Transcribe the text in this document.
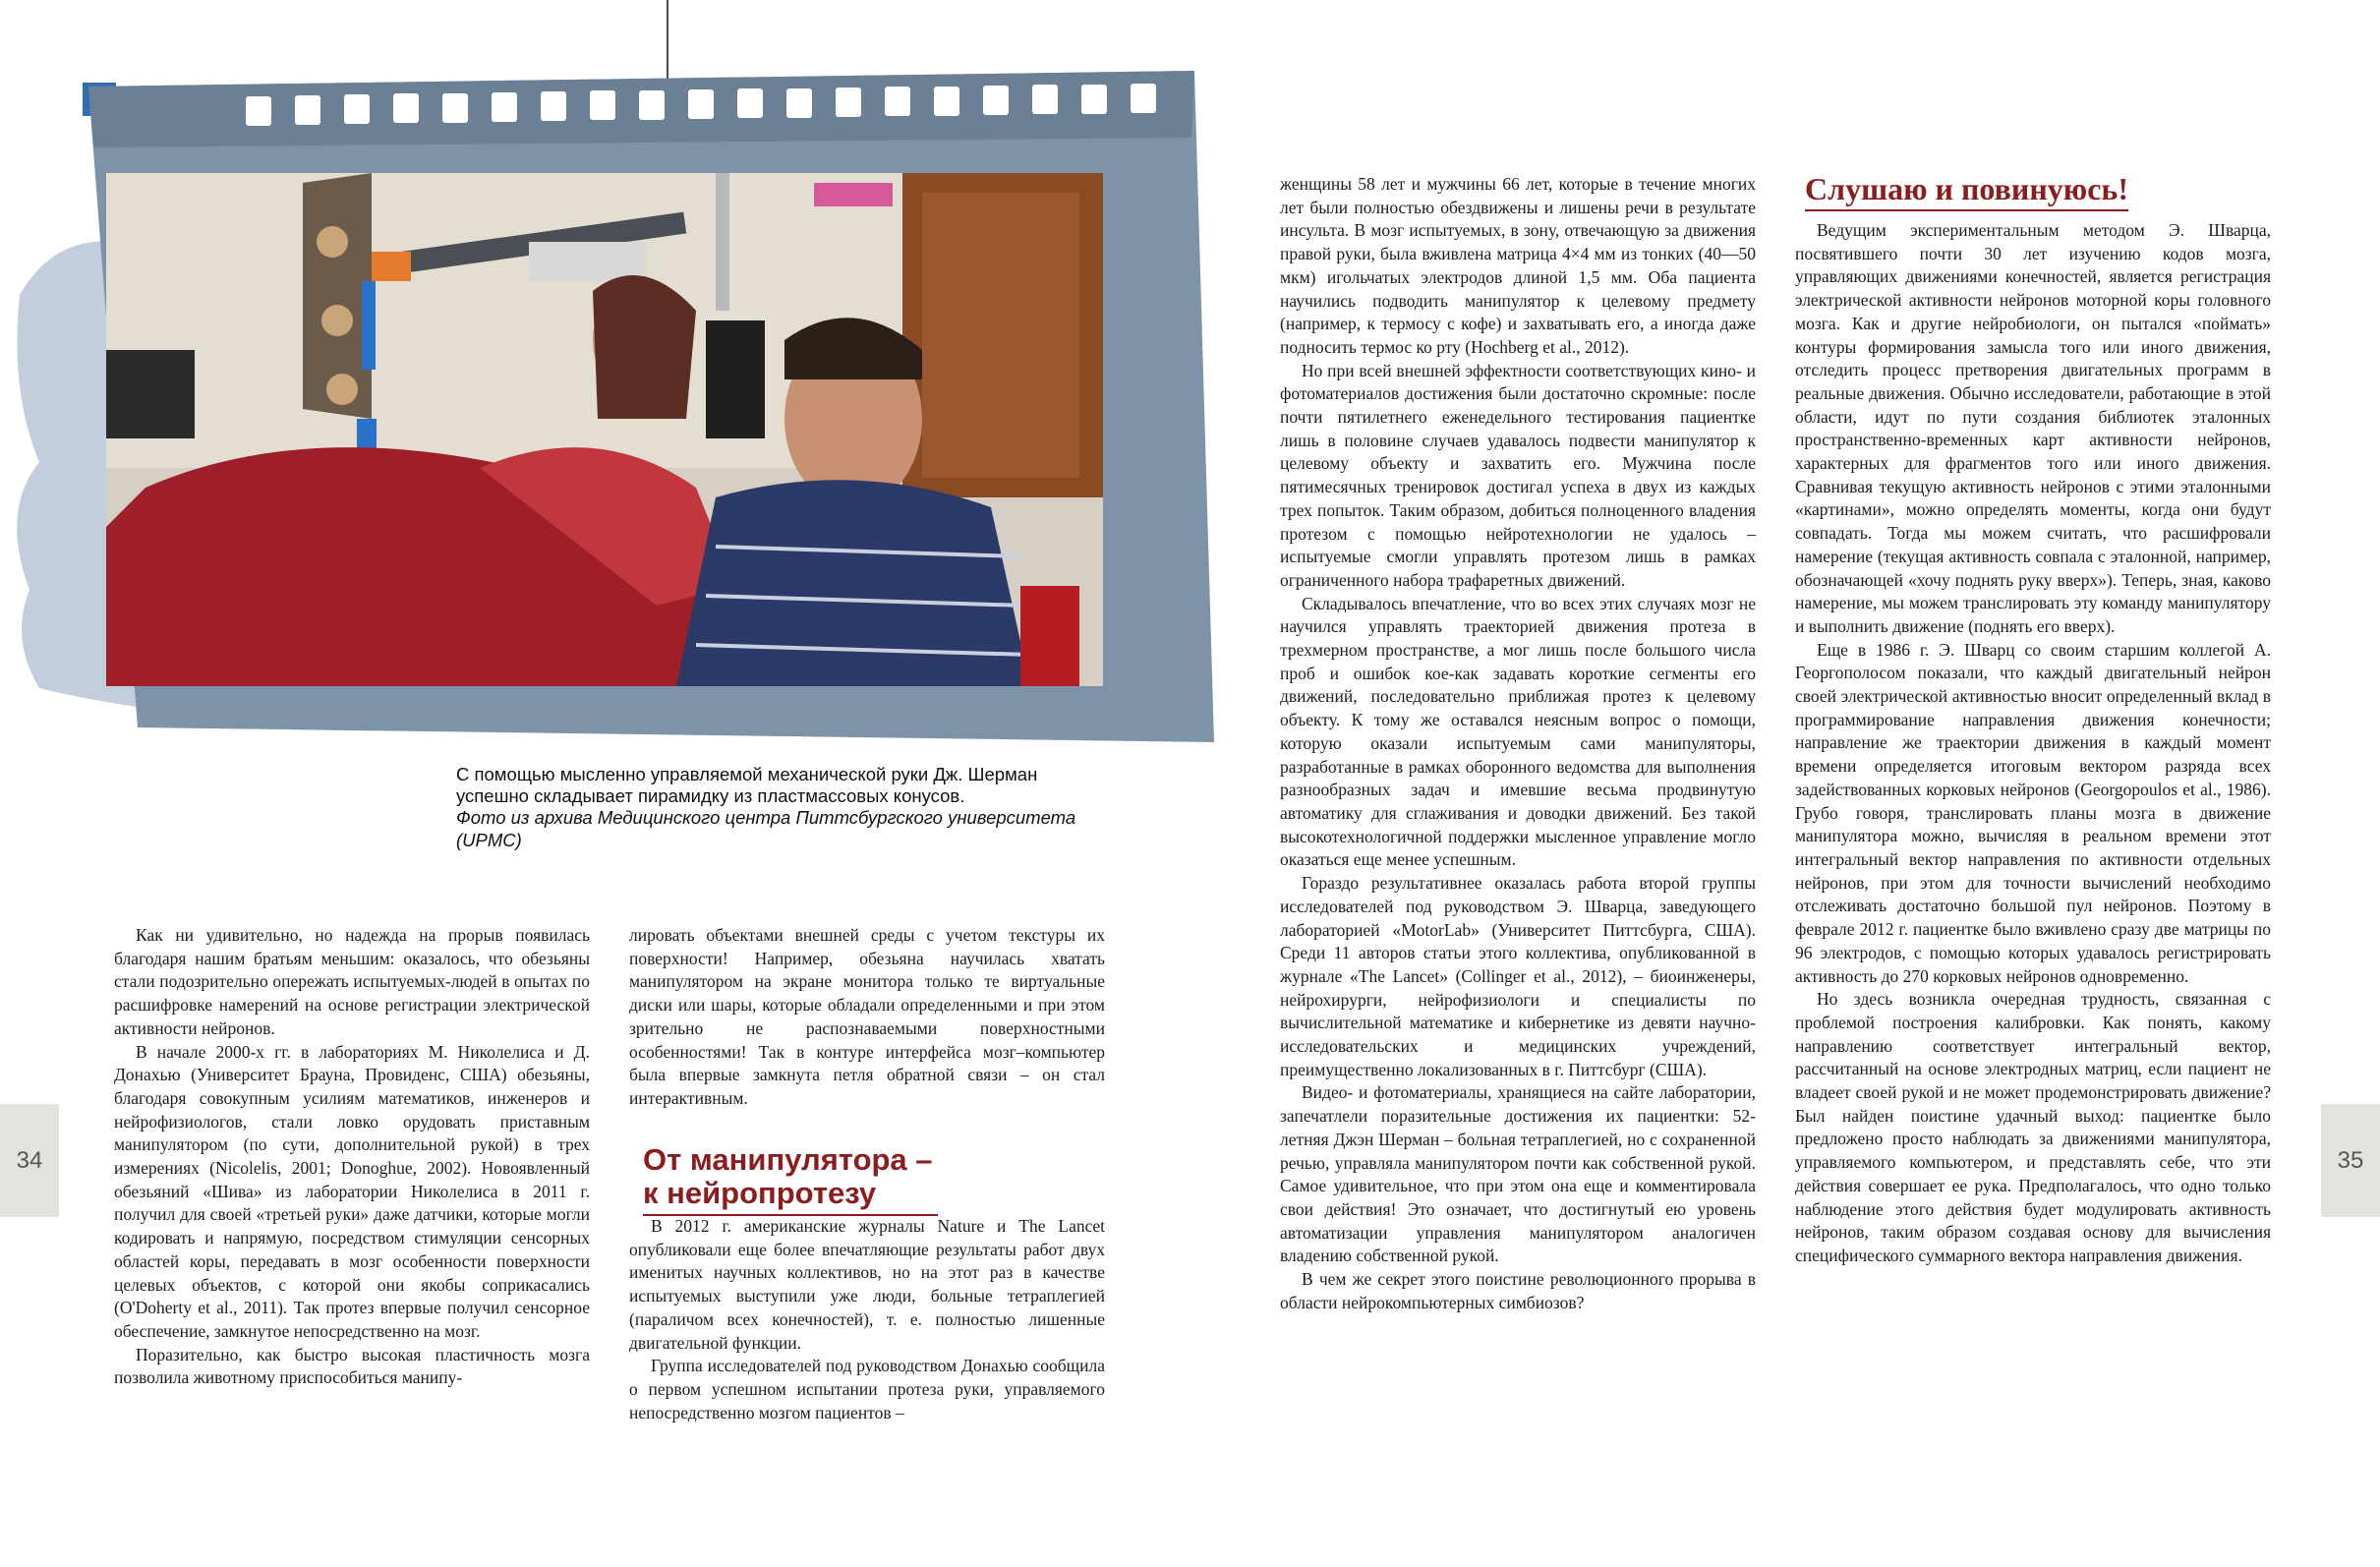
С помощью мысленно управляемой механической руки Дж. Шерман успешно складывает пирамидку из пластмассовых конусов.
Фото из архива Медицинского центра Питтсбургского университета (UPMC)
34	35

Как ни удивительно, но надежда на прорыв появилась благодаря нашим братьям меньшим: оказалось, что обезьяны стали подозрительно опережать испытуемых-людей в опытах по расшифровке намерений на основе регистрации электрической активности нейронов.

В начале 2000-х гг. в лабораториях М. Николелиса и Д. Донахью (Университет Брауна, Провиденс, США) обезьяны, благодаря совокупным усилиям математиков, инженеров и нейрофизиологов, стали ловко орудовать приставным манипулятором (по сути, дополнительной рукой) в трех измерениях (Nicolelis, 2001; Donoghue, 2002). Новоявленный обезьяний «Шива» из лаборатории Николелиса в 2011 г. получил для своей «третьей руки» даже датчики, которые могли кодировать и напрямую, посредством стимуляции сенсорных областей коры, передавать в мозг особенности поверхности целевых объектов, с которой они якобы соприкасались (O'Doherty et al., 2011). Так протез впервые получил сенсорное обеспечение, замкнутое непосредственно на мозг.

Поразительно, как быстро высокая пластичность мозга позволила животному приспособиться манипу-

лировать объектами внешней среды с учетом текстуры их поверхности! Например, обезьяна научилась хватать манипулятором на экране монитора только те виртуальные диски или шары, которые обладали определенными и при этом зрительно не распознаваемыми поверхностными особенностями! Так в контуре интерфейса мозг–компьютер была впервые замкнута петля обратной связи – он стал интерактивным.

От манипулятора – к нейропротезу

В 2012 г. американские журналы Nature и The Lancet опубликовали еще более впечатляющие результаты работ двух именитых научных коллективов, но на этот раз в качестве испытуемых выступили уже люди, больные тетраплегией (параличом всех конечностей), т. е. полностью лишенные двигательной функции.

Группа исследователей под руководством Донахью сообщила о первом успешном испытании протеза руки, управляемого непосредственно мозгом пациентов –

женщины 58 лет и мужчины 66 лет, которые в течение многих лет были полностью обездвижены и лишены речи в результате инсульта. В мозг испытуемых, в зону, отвечающую за движения правой руки, была вживлена матрица 4×4 мм из тонких (40—50 мкм) игольчатых электродов длиной 1,5 мм. Оба пациента научились подводить манипулятор к целевому предмету (например, к термосу с кофе) и захватывать его, а иногда даже подносить термос ко рту (Hochberg et al., 2012).

Но при всей внешней эффектности соответствующих кино- и фотоматериалов достижения были достаточно скромные: после почти пятилетнего еженедельного тестирования пациенткe лишь в половине случаев удавалось подвести манипулятор к целевому объекту и захватить его. Мужчина после пятимесячных тренировок достигал успеха в двух из каждых трех попыток. Таким образом, добиться полноценного владения протезом с помощью нейротехнологии не удалось – испытуемые смогли управлять протезом лишь в рамках ограниченного набора трафаретных движений.

Складывалось впечатление, что во всех этих случаях мозг не научился управлять траекторией движения протеза в трехмерном пространстве, а мог лишь после большого числа проб и ошибок кое-как задавать короткие сегменты его движений, последовательно приближая протез к целевому объекту. К тому же оставался неясным вопрос о помощи, которую оказали испытуемым сами манипуляторы, разработанные в рамках оборонного ведомства для выполнения разнообразных задач и имевшие весьма продвинутую автоматику для сглаживания и доводки движений. Без такой высокотехнологичной поддержки мысленное управление могло оказаться еще менее успешным.

Гораздо результативнее оказалась работа второй группы исследователей под руководством Э. Шварца, заведующего лабораторией «MotorLab» (Университет Питтсбурга, США). Среди 11 авторов статьи этого коллектива, опубликованной в журнале «The Lancet» (Collinger et al., 2012), – биоинженеры, нейрохирурги, нейрофизиологи и специалисты по вычислительной математике и кибернетике из девяти научно-исследовательских и медицинских учреждений, преимущественно локализованных в г. Питтсбург (США).

Видео- и фотоматериалы, хранящиеся на сайте лаборатории, запечатлели поразительные достижения их пациентки: 52-летняя Джэн Шерман – больная тетраплегией, но с сохраненной речью, управляла манипулятором почти как собственной рукой. Самое удивительное, что при этом она еще и комментировала свои действия! Это означает, что достигнутый ею уровень автоматизации управления манипулятором аналогичен владению собственной рукой.

В чем же секрет этого поистине революционного прорыва в области нейрокомпьютерных симбиозов?

Слушаю и повинуюсь!

Ведущим экспериментальным методом Э. Шварца, посвятившего почти 30 лет изучению кодов мозга, управляющих движениями конечностей, является регистрация электрической активности нейронов моторной коры головного мозга. Как и другие нейробиологи, он пытался «поймать» контуры формирования замысла того или иного движения, отследить процесс претворения двигательных программ в реальные движения. Обычно исследователи, работающие в этой области, идут по пути создания библиотек эталонных пространственно-временных карт активности нейронов, характерных для фрагментов того или иного движения. Сравнивая текущую активность нейронов с этими эталонными «картинами», можно определять моменты, когда они будут совпадать. Тогда мы можем считать, что расшифровали намерение (текущая активность совпала с эталонной, например, обозначающей «хочу поднять руку вверх»). Теперь, зная, каково намерение, мы можем транслировать эту команду манипулятору и выполнить движение (поднять его вверх).

Еще в 1986 г. Э. Шварц со своим старшим коллегой А. Георгополосом показали, что каждый двигательный нейрон своей электрической активностью вносит определенный вклад в программирование направления движения конечности; направление же траектории движения в каждый момент времени определяется итоговым вектором разряда всех задействованных корковых нейронов (Georgopoulos et al., 1986). Грубо говоря, транслировать планы мозга в движение манипулятора можно, вычисляя в реальном времени этот интегральный вектор направления по активности отдельных нейронов, при этом для точности вычислений необходимо отслеживать достаточно большой пул нейронов. Поэтому в феврале 2012 г. пациентке было вживлено сразу две матрицы по 96 электродов, с помощью которых удавалось регистрировать активность до 270 корковых нейронов одновременно.

Но здесь возникла очередная трудность, связанная с проблемой построения калибровки. Как понять, какому направлению соответствует интегральный вектор, рассчитанный на основе электродных матриц, если пациент не владеет своей рукой и не может продемонстрировать движение? Был найден поистине удачный выход: пациентке было предложено просто наблюдать за движениями манипулятора, управляемого компьютером, и представлять себе, что эти действия совершает ее рука. Предполагалось, что одно только наблюдение этого действия будет модулировать активность нейронов, таким образом создавая основу для вычисления специфического суммарного вектора направления движения.
